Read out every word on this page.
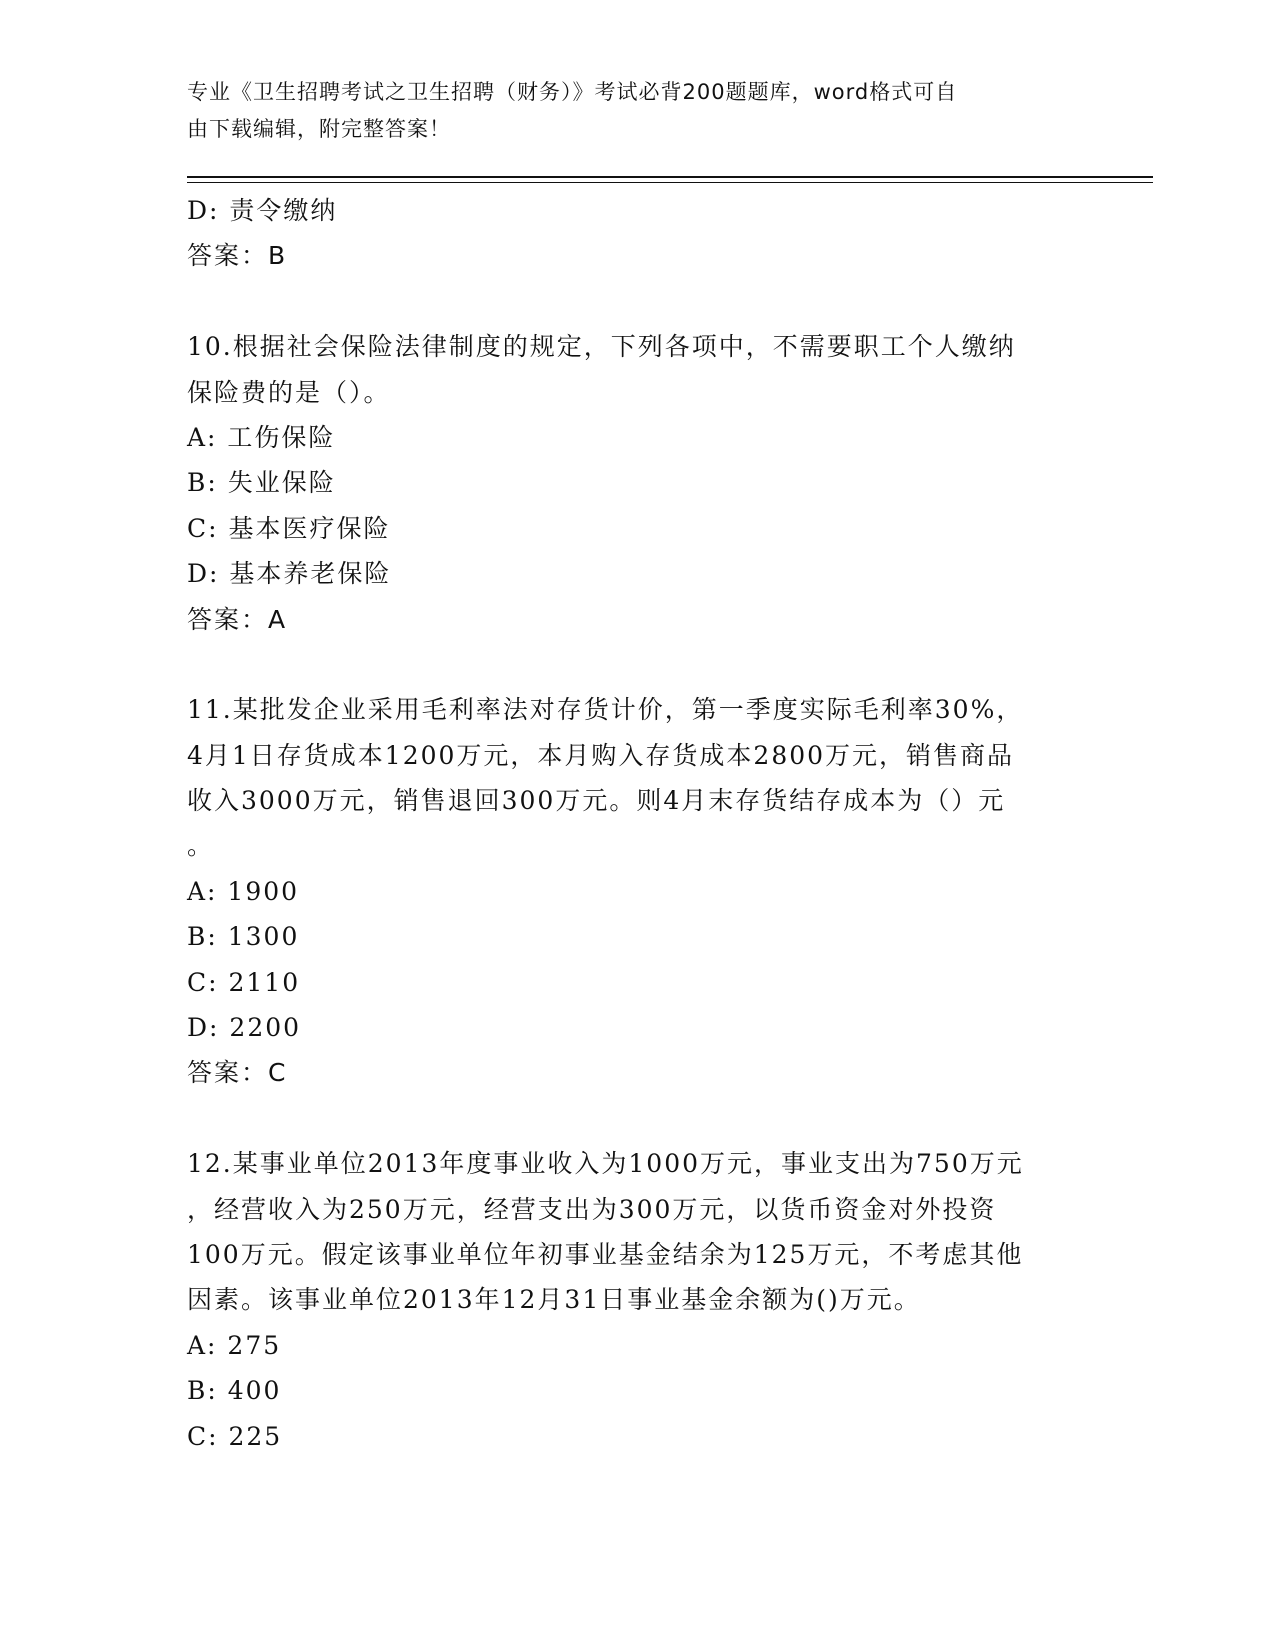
专业《卫生招聘考试之卫生招聘（财务）》考试必背200题题库，word格式可自
由下载编辑，附完整答案！
D: 责令缴纳
答案：B
10.根据社会保险法律制度的规定，下列各项中，不需要职工个人缴纳
保险费的是（）。
A: 工伤保险
B: 失业保险
C: 基本医疗保险
D: 基本养老保险
答案：A
11.某批发企业采用毛利率法对存货计价，第一季度实际毛利率30%，
4月1日存货成本1200万元，本月购入存货成本2800万元，销售商品
收入3000万元，销售退回300万元。则4月末存货结存成本为（）元
。
A: 1900
B: 1300
C: 2110
D: 2200
答案：C
12.某事业单位2013年度事业收入为1000万元，事业支出为750万元
，经营收入为250万元，经营支出为300万元，以货币资金对外投资
100万元。假定该事业单位年初事业基金结余为125万元，不考虑其他
因素。该事业单位2013年12月31日事业基金余额为()万元。
A: 275
B: 400
C: 225
